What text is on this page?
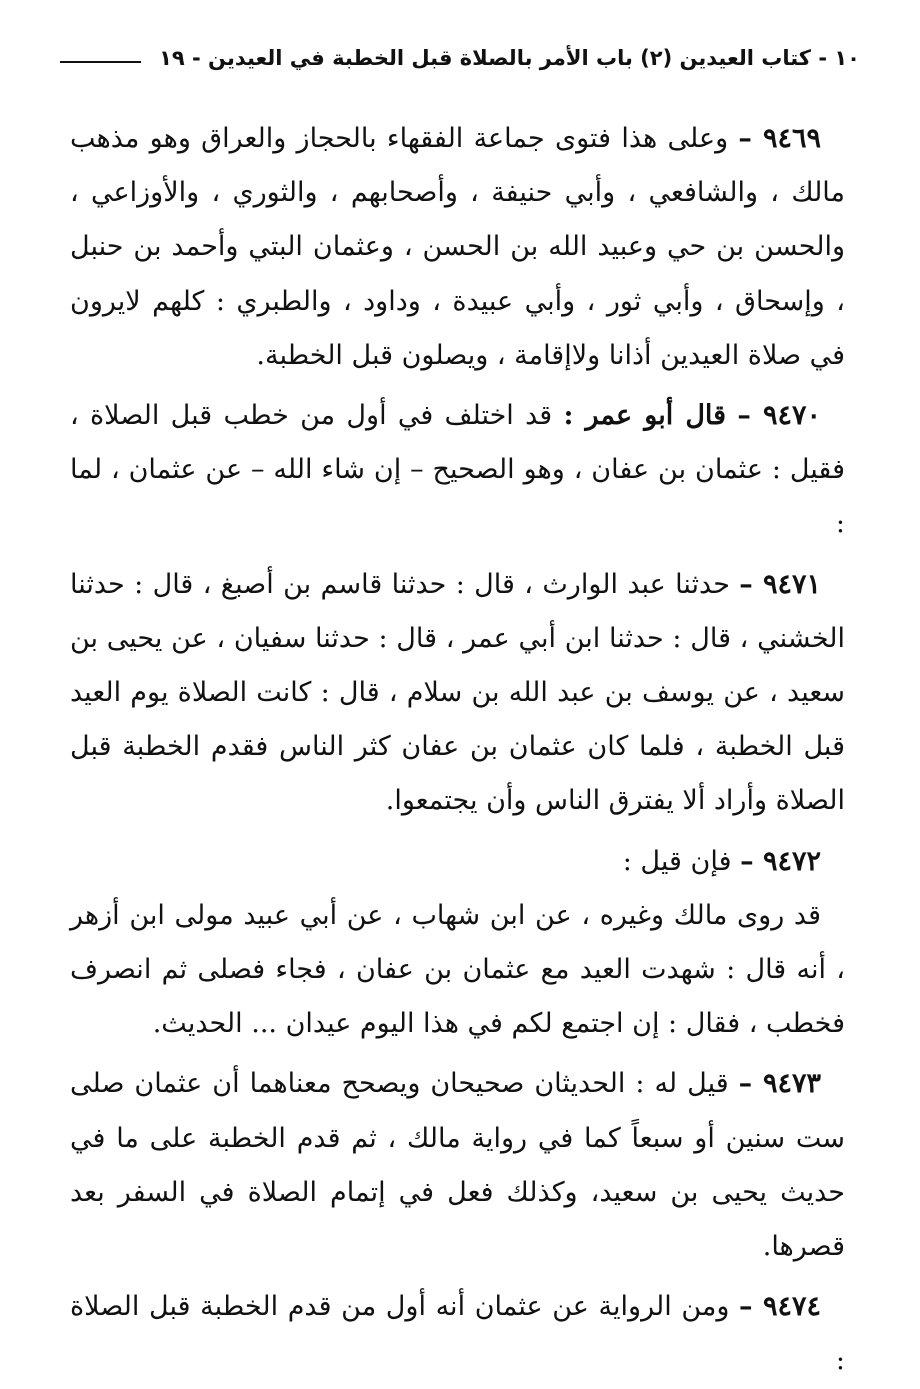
١٠ - كتاب العيدين (٢) باب الأمر بالصلاة قبل الخطبة في العيدين - ١٩

٩٤٦٩ – وعلى هذا فتوى جماعة الفقهاء بالحجاز والعراق وهو مذهب مالك ، والشافعي ، وأبي حنيفة ، وأصحابهم ، والثوري ، والأوزاعي ، والحسن بن حي وعبيد الله بن الحسن ، وعثمان البتي وأحمد بن حنبل ، وإسحاق ، وأبي ثور ، وأبي عبيدة ، وداود ، والطبري : كلهم لايرون في صلاة العيدين أذانا ولاإقامة ، ويصلون قبل الخطبة.

٩٤٧٠ – قال أبو عمر : قد اختلف في أول من خطب قبل الصلاة ، فقيل : عثمان بن عفان ، وهو الصحيح – إن شاء الله – عن عثمان ، لما :

٩٤٧١ – حدثنا عبد الوارث ، قال : حدثنا قاسم بن أصبغ ، قال : حدثنا الخشني ، قال : حدثنا ابن أبي عمر ، قال : حدثنا سفيان ، عن يحيى بن سعيد ، عن يوسف بن عبد الله بن سلام ، قال : كانت الصلاة يوم العيد قبل الخطبة ، فلما كان عثمان بن عفان كثر الناس فقدم الخطبة قبل الصلاة وأراد ألا يفترق الناس وأن يجتمعوا.

٩٤٧٢ – فإن قيل :

قد روى مالك وغيره ، عن ابن شهاب ، عن أبي عبيد مولى ابن أزهر ، أنه قال : شهدت العيد مع عثمان بن عفان ، فجاء فصلى ثم انصرف فخطب ، فقال : إن اجتمع لكم في هذا اليوم عيدان ... الحديث.

٩٤٧٣ – قيل له : الحديثان صحيحان ويصحح معناهما أن عثمان صلى ست سنين أو سبعاً كما في رواية مالك ، ثم قدم الخطبة على ما في حديث يحيى بن سعيد، وكذلك فعل في إتمام الصلاة في السفر بعد قصرها.

٩٤٧٤ – ومن الرواية عن عثمان أنه أول من قدم الخطبة قبل الصلاة :
